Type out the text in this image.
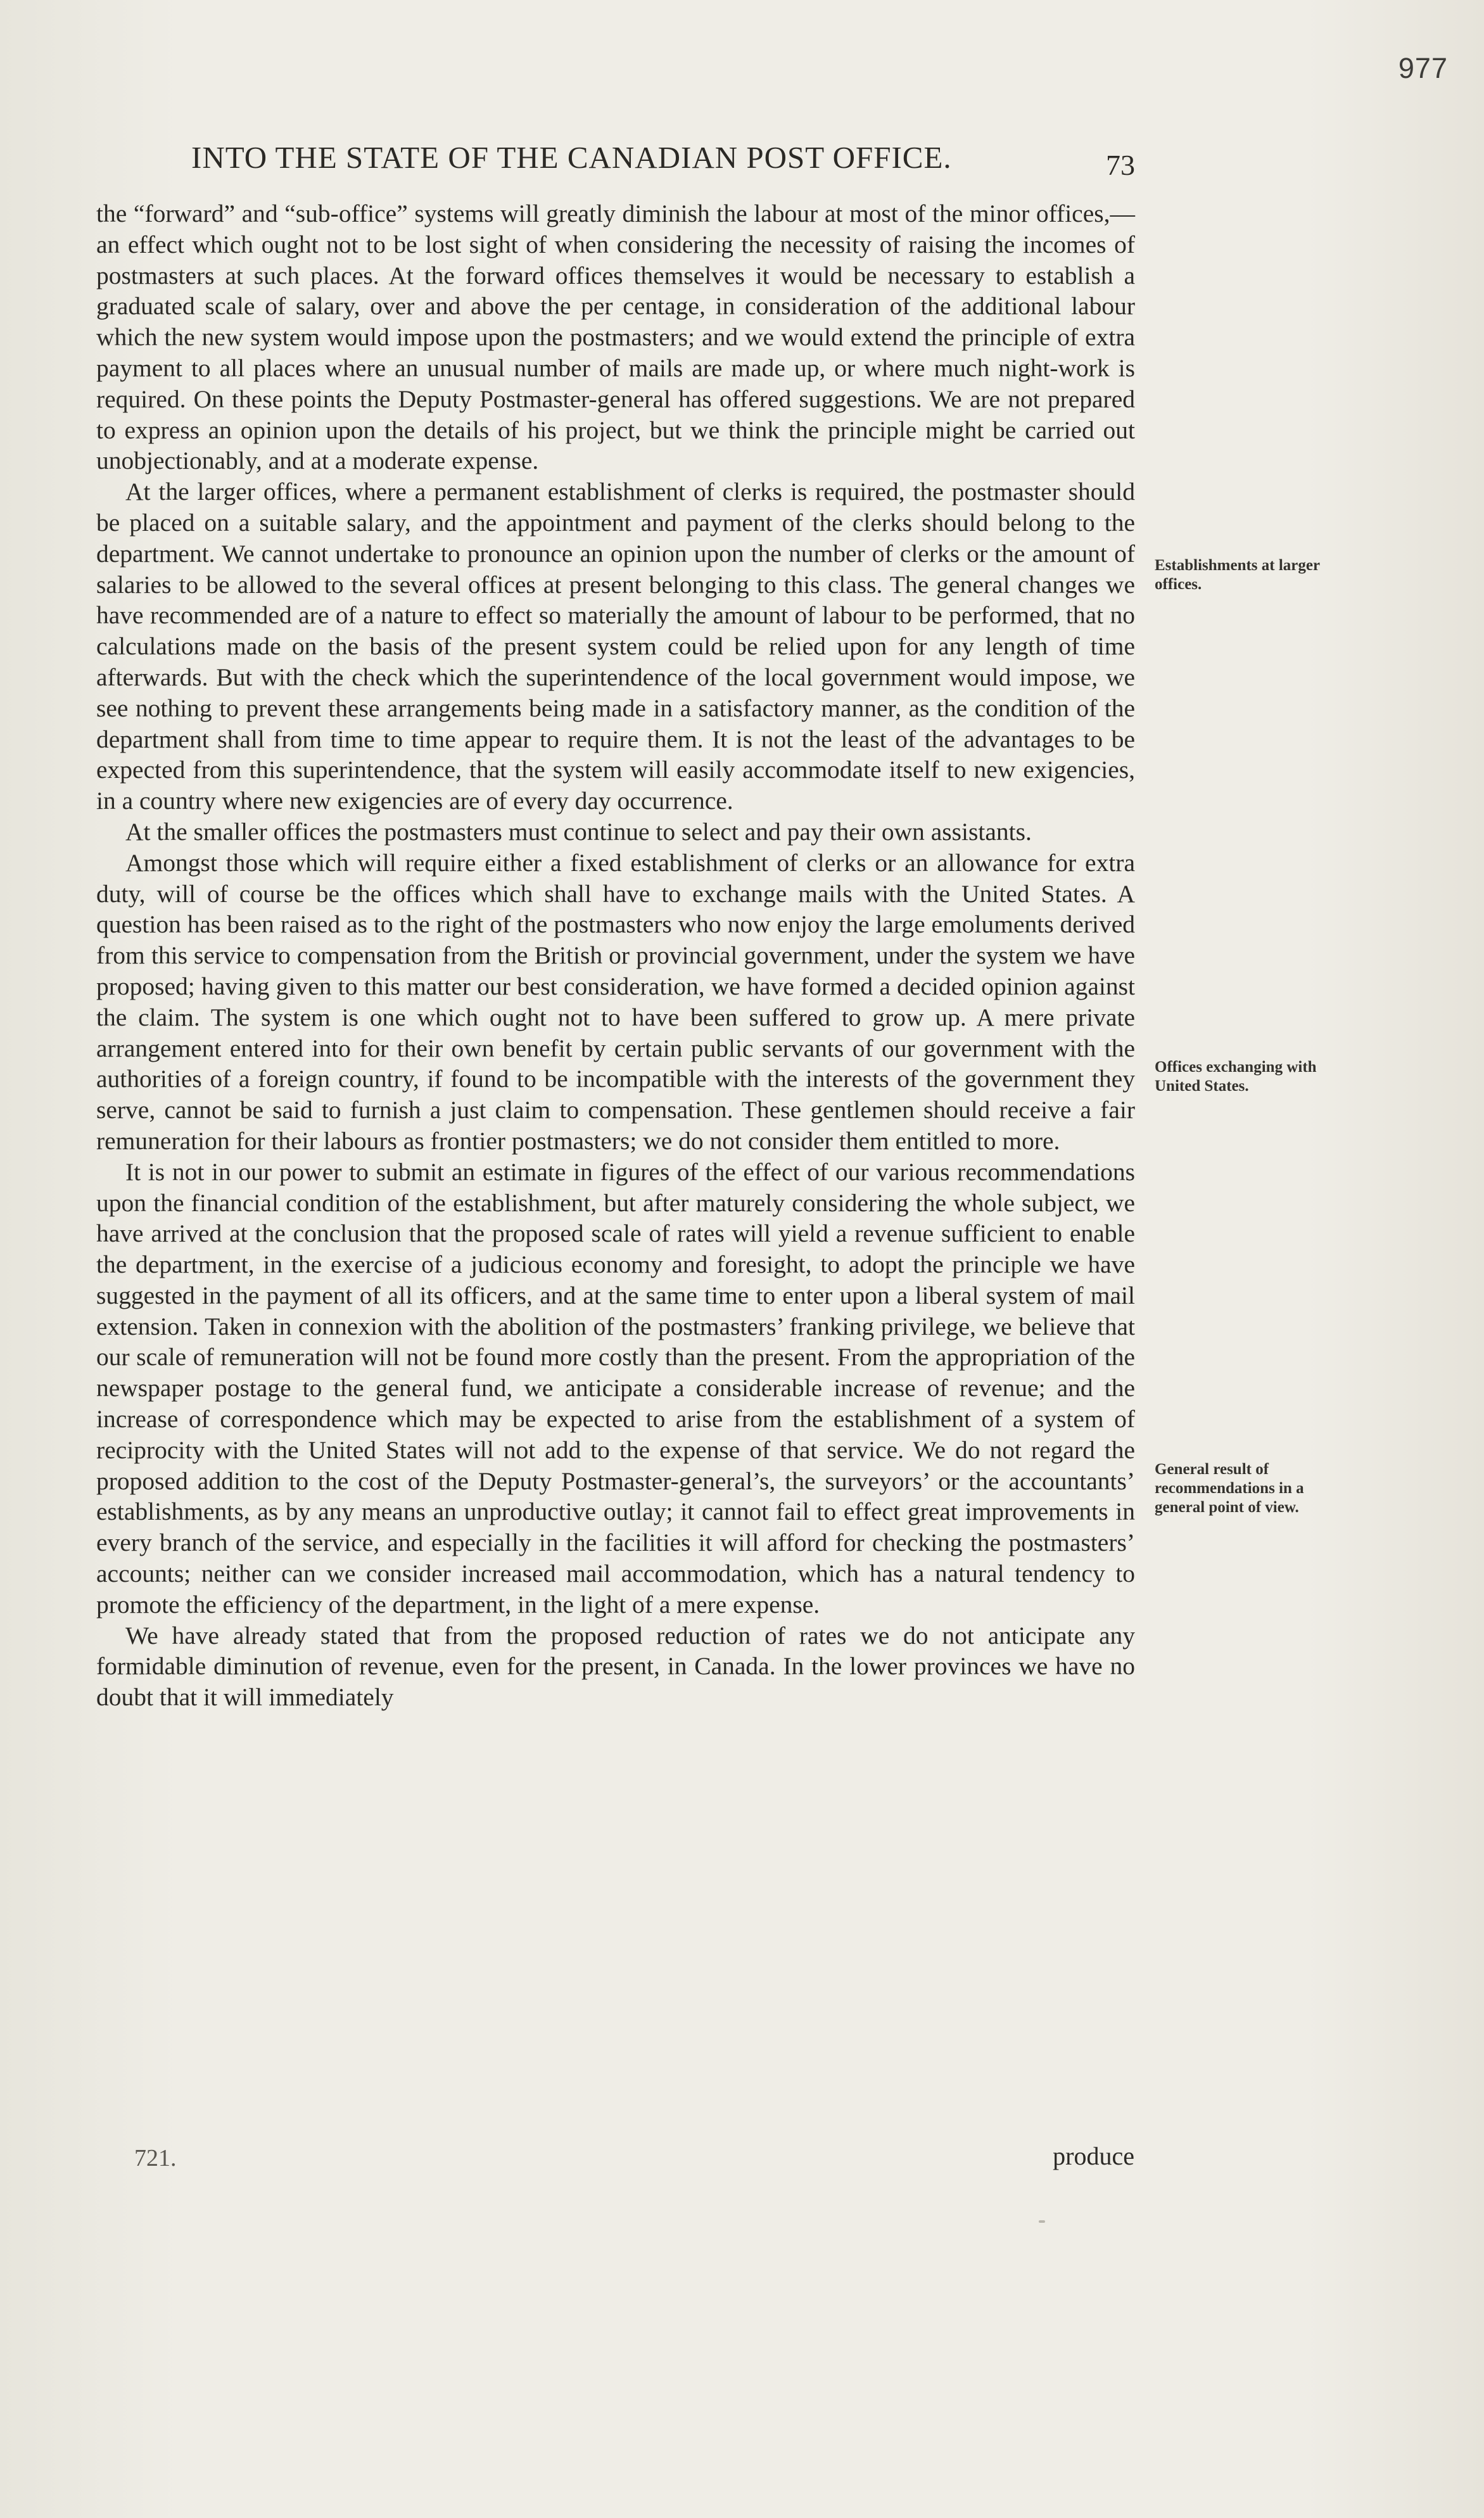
977
INTO THE STATE OF THE CANADIAN POST OFFICE.	73

the “forward” and “sub-office” systems will greatly diminish the labour at most of the minor offices,—an effect which ought not to be lost sight of when considering the necessity of raising the incomes of postmasters at such places. At the forward offices themselves it would be necessary to establish a graduated scale of salary, over and above the per centage, in consideration of the additional labour which the new system would impose upon the postmasters; and we would extend the principle of extra payment to all places where an unusual number of mails are made up, or where much night-work is required. On these points the Deputy Postmaster-general has offered suggestions. We are not prepared to express an opinion upon the details of his project, but we think the principle might be carried out unobjectionably, and at a moderate expense.

At the larger offices, where a permanent establishment of clerks is required, the postmaster should be placed on a suitable salary, and the appointment and payment of the clerks should belong to the department. We cannot undertake to pronounce an opinion upon the number of clerks or the amount of salaries to be allowed to the several offices at present belonging to this class. The general changes we have recommended are of a nature to effect so materially the amount of labour to be performed, that no calculations made on the basis of the present system could be relied upon for any length of time afterwards. But with the check which the superintendence of the local government would impose, we see nothing to prevent these arrangements being made in a satisfactory manner, as the condition of the department shall from time to time appear to require them. It is not the least of the advantages to be expected from this superintendence, that the system will easily accommodate itself to new exigencies, in a country where new exigencies are of every day occurrence.

At the smaller offices the postmasters must continue to select and pay their own assistants.

Amongst those which will require either a fixed establishment of clerks or an allowance for extra duty, will of course be the offices which shall have to exchange mails with the United States. A question has been raised as to the right of the postmasters who now enjoy the large emoluments derived from this service to compensation from the British or provincial government, under the system we have proposed; having given to this matter our best consideration, we have formed a decided opinion against the claim. The system is one which ought not to have been suffered to grow up. A mere private arrangement entered into for their own benefit by certain public servants of our government with the authorities of a foreign country, if found to be incompatible with the interests of the government they serve, cannot be said to furnish a just claim to compensation. These gentlemen should receive a fair remuneration for their labours as frontier postmasters; we do not consider them entitled to more.

It is not in our power to submit an estimate in figures of the effect of our various recommendations upon the financial condition of the establishment, but after maturely considering the whole subject, we have arrived at the conclusion that the proposed scale of rates will yield a revenue sufficient to enable the department, in the exercise of a judicious economy and foresight, to adopt the principle we have suggested in the payment of all its officers, and at the same time to enter upon a liberal system of mail extension. Taken in connexion with the abolition of the postmasters’ franking privilege, we believe that our scale of remuneration will not be found more costly than the present. From the appropriation of the newspaper postage to the general fund, we anticipate a considerable increase of revenue; and the increase of correspondence which may be expected to arise from the establishment of a system of reciprocity with the United States will not add to the expense of that service. We do not regard the proposed addition to the cost of the Deputy Postmaster-general’s, the surveyors’ or the accountants’ establishments, as by any means an unproductive outlay; it cannot fail to effect great improvements in every branch of the service, and especially in the facilities it will afford for checking the postmasters’ accounts; neither can we consider increased mail accommodation, which has a natural tendency to promote the efficiency of the department, in the light of a mere expense.

We have already stated that from the proposed reduction of rates we do not anticipate any formidable diminution of revenue, even for the present, in Canada. In the lower provinces we have no doubt that it will immediately

Establishments at larger offices.
Offices exchanging with United States.
General result of recommendations in a general point of view.
721.	produce
